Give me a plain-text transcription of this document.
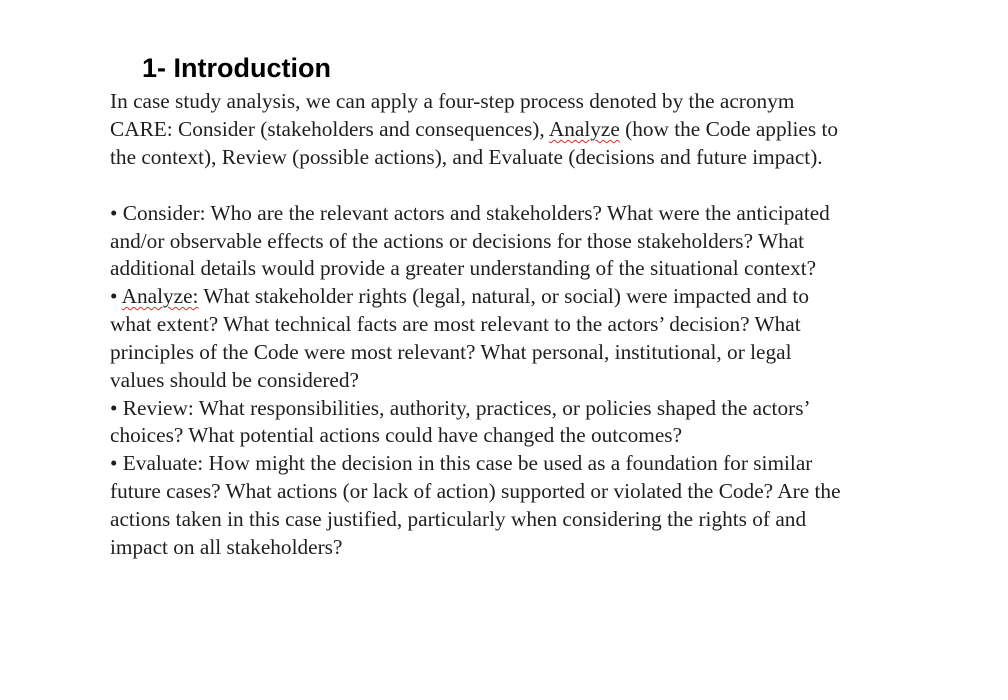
1- Introduction
In case study analysis, we can apply a four-step process denoted by the acronym
CARE: Consider (stakeholders and consequences), Analyze (how the Code applies to
the context), Review (possible actions), and Evaluate (decisions and future impact).
• Consider: Who are the relevant actors and stakeholders? What were the anticipated
and/or observable effects of the actions or decisions for those stakeholders? What
additional details would provide a greater understanding of the situational context?
• Analyze: What stakeholder rights (legal, natural, or social) were impacted and to
what extent? What technical facts are most relevant to the actors’ decision? What
principles of the Code were most relevant? What personal, institutional, or legal
values should be considered?
• Review: What responsibilities, authority, practices, or policies shaped the actors’
choices? What potential actions could have changed the outcomes?
• Evaluate: How might the decision in this case be used as a foundation for similar
future cases? What actions (or lack of action) supported or violated the Code? Are the
actions taken in this case justified, particularly when considering the rights of and
impact on all stakeholders?
